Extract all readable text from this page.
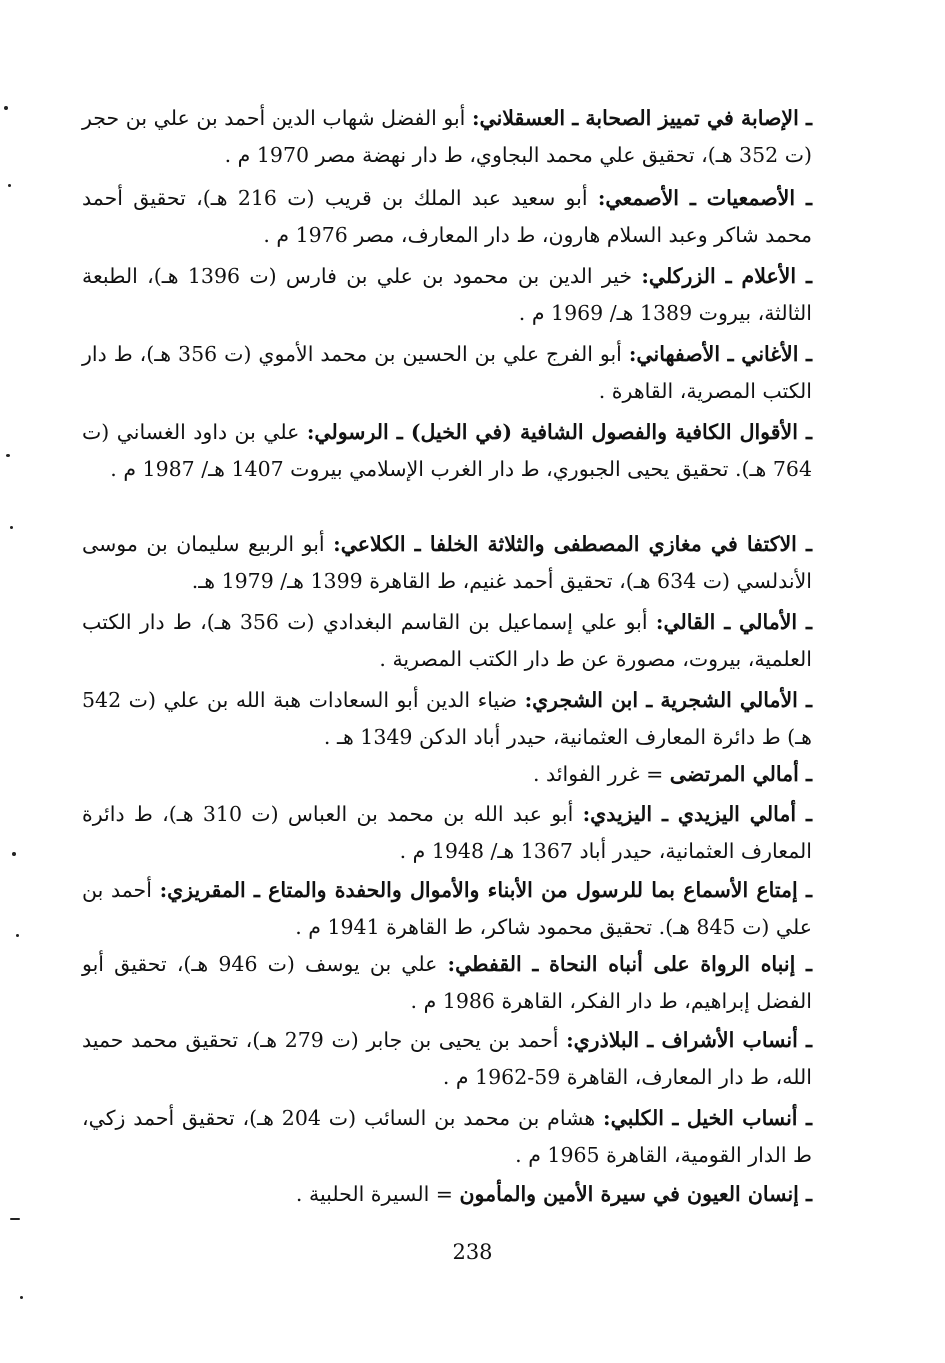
ـ الإصابة في تمييز الصحابة ـ العسقلاني: أبو الفضل شهاب الدين أحمد بن علي بن حجر (ت 352 هـ)، تحقيق علي محمد البجاوي، ط دار نهضة مصر 1970 م .
ـ الأصمعيات ـ الأصمعي: أبو سعيد عبد الملك بن قريب (ت 216 هـ)، تحقيق أحمد محمد شاكر وعبد السلام هارون، ط دار المعارف، مصر 1976 م .
ـ الأعلام ـ الزركلي: خير الدين بن محمود بن علي بن فارس (ت 1396 هـ)، الطبعة الثالثة، بيروت 1389 هـ/ 1969 م .
ـ الأغاني ـ الأصفهاني: أبو الفرج علي بن الحسين بن محمد الأموي (ت 356 هـ)، ط دار الكتب المصرية، القاهرة .
ـ الأقوال الكافية والفصول الشافية (في الخيل) ـ الرسولي: علي بن داود الغساني (ت 764 هـ). تحقيق يحيى الجبوري، ط دار الغرب الإسلامي بيروت 1407 هـ/ 1987 م .
ـ الاكتفا في مغازي المصطفى والثلاثة الخلفا ـ الكلاعي: أبو الربيع سليمان بن موسى الأندلسي (ت 634 هـ)، تحقيق أحمد غنيم، ط القاهرة 1399 هـ/ 1979 هـ.
ـ الأمالي ـ القالي: أبو علي إسماعيل بن القاسم البغدادي (ت 356 هـ)، ط دار الكتب العلمية، بيروت، مصورة عن ط دار الكتب المصرية .
ـ الأمالي الشجرية ـ ابن الشجري: ضياء الدين أبو السعادات هبة الله بن علي (ت 542 هـ) ط دائرة المعارف العثمانية، حيدر أباد الدكن 1349 هـ .
ـ أمالي المرتضى = غرر الفوائد .
ـ أمالي اليزيدي ـ اليزيدي: أبو عبد الله بن محمد بن العباس (ت 310 هـ)، ط دائرة المعارف العثمانية، حيدر أباد 1367 هـ/ 1948 م .
ـ إمتاع الأسماع بما للرسول من الأبناء والأموال والحفدة والمتاع ـ المقريزي: أحمد بن علي (ت 845 هـ). تحقيق محمود شاكر، ط القاهرة 1941 م .
ـ إنباه الرواة على أنباه النحاة ـ القفطي: علي بن يوسف (ت 946 هـ)، تحقيق أبو الفضل إبراهيم، ط دار الفكر، القاهرة 1986 م .
ـ أنساب الأشراف ـ البلاذري: أحمد بن يحيى بن جابر (ت 279 هـ)، تحقيق محمد حميد الله، ط دار المعارف، القاهرة 59-1962 م .
ـ أنساب الخيل ـ الكلبي: هشام بن محمد بن السائب (ت 204 هـ)، تحقيق أحمد زكي، ط الدار القومية، القاهرة 1965 م .
ـ إنسان العيون في سيرة الأمين والمأمون = السيرة الحلبية .
238
